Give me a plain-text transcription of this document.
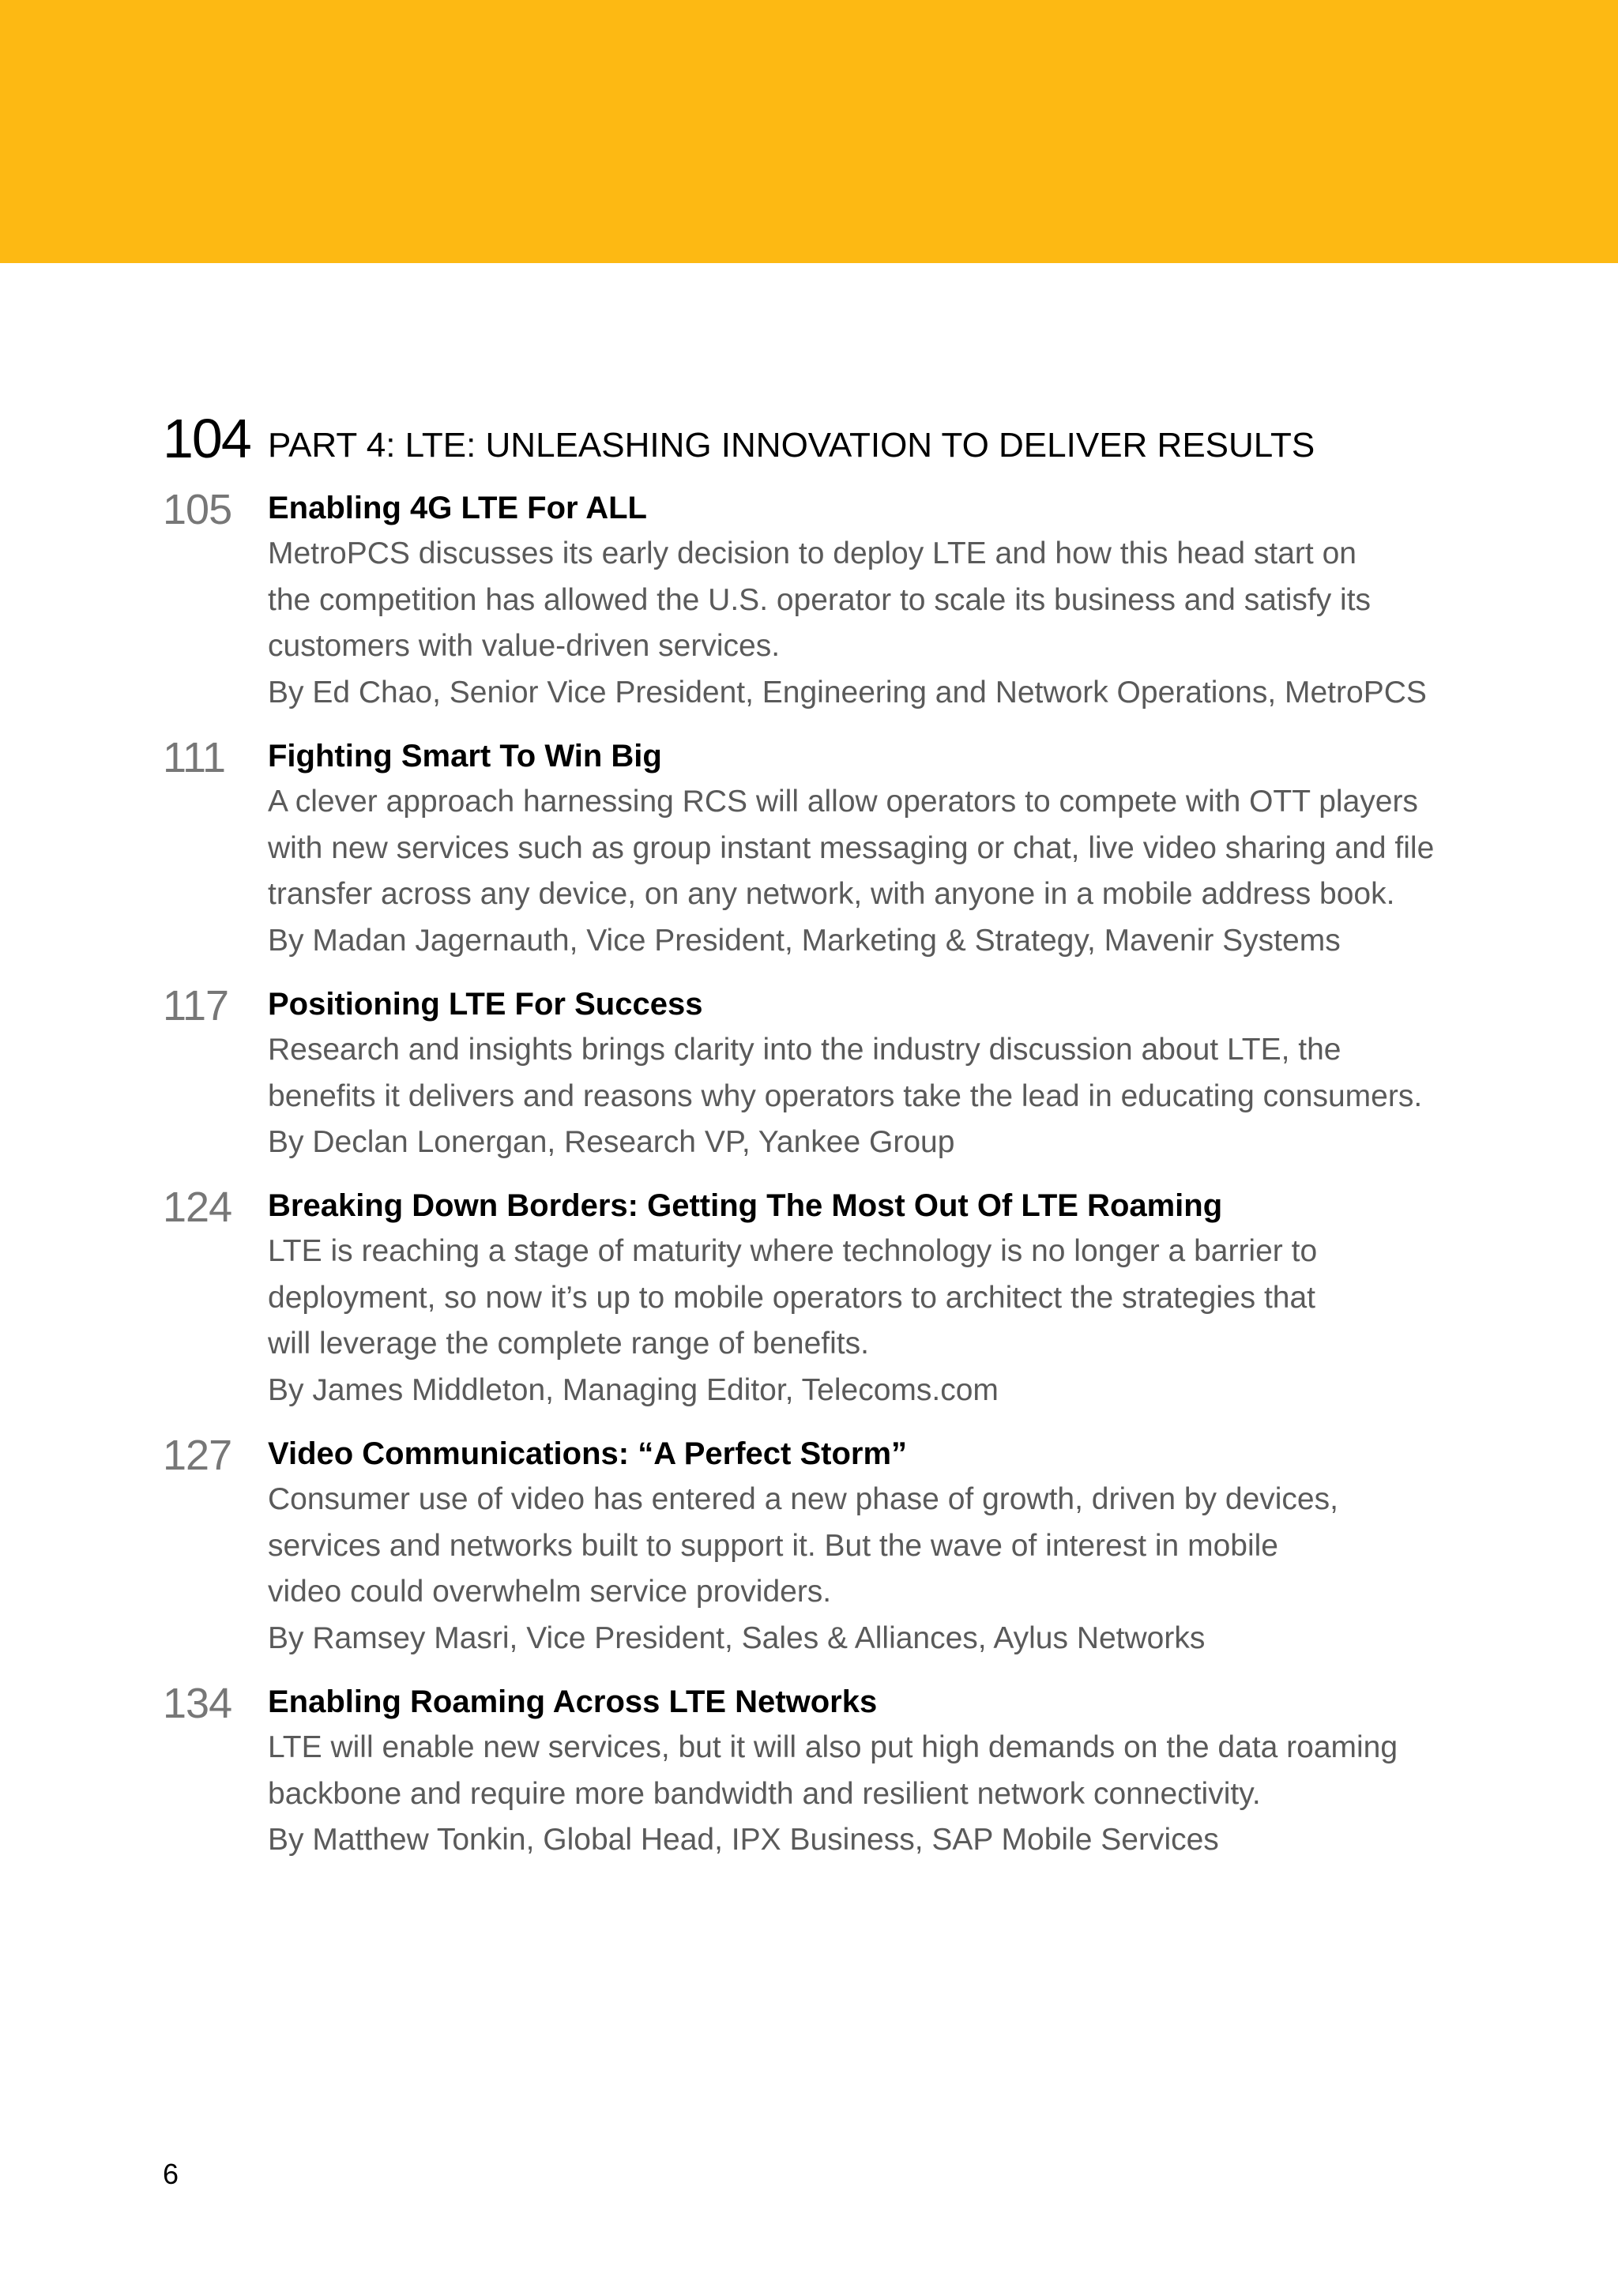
104 PART 4: LTE: UNLEASHING INNOVATION TO DELIVER RESULTS
105 Enabling 4G LTE For ALL
MetroPCS discusses its early decision to deploy LTE and how this head start on
the competition has allowed the U.S. operator to scale its business and satisfy its
customers with value-driven services.
By Ed Chao, Senior Vice President, Engineering and Network Operations, MetroPCS
111 Fighting Smart To Win Big
A clever approach harnessing RCS will allow operators to compete with OTT players
with new services such as group instant messaging or chat, live video sharing and file
transfer across any device, on any network, with anyone in a mobile address book.
By Madan Jagernauth, Vice President, Marketing & Strategy, Mavenir Systems
117 Positioning LTE For Success
Research and insights brings clarity into the industry discussion about LTE, the
benefits it delivers and reasons why operators take the lead in educating consumers.
By Declan Lonergan, Research VP, Yankee Group
124 Breaking Down Borders: Getting The Most Out Of LTE Roaming
LTE is reaching a stage of maturity where technology is no longer a barrier to
deployment, so now it’s up to mobile operators to architect the strategies that
will leverage the complete range of benefits.
By James Middleton, Managing Editor, Telecoms.com
127 Video Communications: “A Perfect Storm”
Consumer use of video has entered a new phase of growth, driven by devices,
services and networks built to support it. But the wave of interest in mobile
video could overwhelm service providers.
By Ramsey Masri, Vice President, Sales & Alliances, Aylus Networks
134 Enabling Roaming Across LTE Networks
LTE will enable new services, but it will also put high demands on the data roaming
backbone and require more bandwidth and resilient network connectivity.
By Matthew Tonkin, Global Head, IPX Business, SAP Mobile Services
6
